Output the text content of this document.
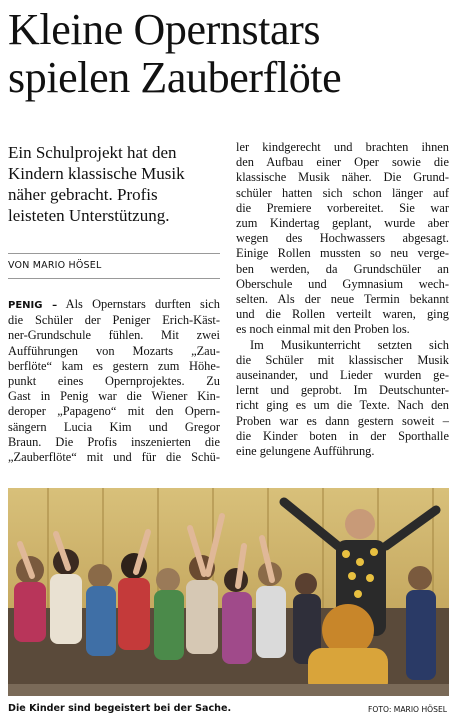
Kleine Opernstars
spielen Zauberflöte

Ein Schulprojekt hat den
Kindern klassische Musik
näher gebracht. Profis
leisteten Unterstützung.

VON MARIO HÖSEL
PENIG – Als Opernstars durften sich
die Schüler der Peniger Erich-Käst-
ner-Grundschule fühlen. Mit zwei
Aufführungen von Mozarts „Zau-
berflöte“ kam es gestern zum Höhe-
punkt eines Opernprojektes. Zu
Gast in Penig war die Wiener Kin-
deroper „Papageno“ mit den Opern-
sängern Lucia Kim und Gregor
Braun. Die Profis inszenierten die
„Zauberflöte“ mit und für die Schü-
ler kindgerecht und brachten ihnen
den Aufbau einer Oper sowie die
klassische Musik näher. Die Grund-
schüler hatten sich schon länger auf
die Premiere vorbereitet. Sie war
zum Kindertag geplant, wurde aber
wegen des Hochwassers abgesagt.
Einige Rollen mussten so neu verge-
ben werden, da Grundschüler an
Oberschule und Gymnasium wech-
selten. Als der neue Termin bekannt
und die Rollen verteilt waren, ging
es noch einmal mit den Proben los.
Im Musikunterricht setzten sich
die Schüler mit klassischer Musik
auseinander, und Lieder wurden ge-
lernt und geprobt. Im Deutschunter-
richt ging es um die Texte. Nach den
Proben war es dann gestern soweit –
die Kinder boten in der Sporthalle
eine gelungene Aufführung.
Die Kinder sind begeistert bei der Sache.	FOTO: MARIO HÖSEL
